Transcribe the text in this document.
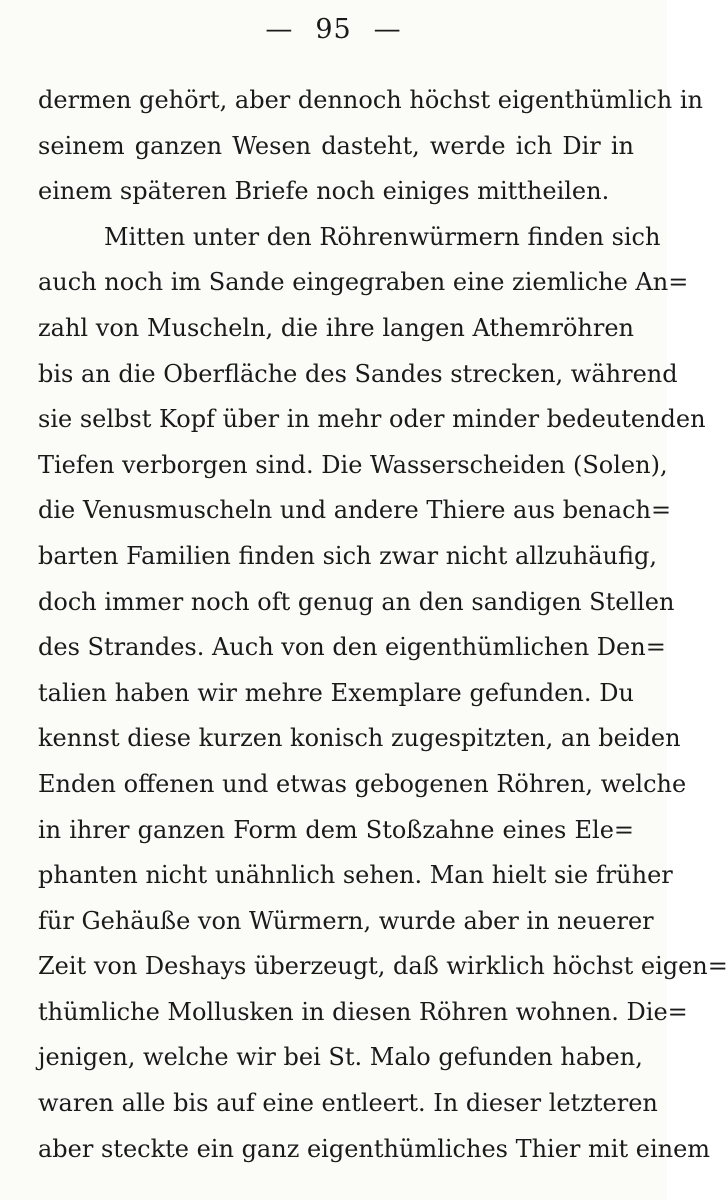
— 95 —
dermen gehört, aber dennoch höchst eigenthümlich in
seinem ganzen Wesen dasteht, werde ich Dir in
einem späteren Briefe noch einiges mittheilen.
Mitten unter den Röhrenwürmern finden sich
auch noch im Sande eingegraben eine ziemliche An=
zahl von Muscheln, die ihre langen Athemröhren
bis an die Oberfläche des Sandes strecken, während
sie selbst Kopf über in mehr oder minder bedeutenden
Tiefen verborgen sind. Die Wasserscheiden (Solen),
die Venusmuscheln und andere Thiere aus benach=
barten Familien finden sich zwar nicht allzuhäufig,
doch immer noch oft genug an den sandigen Stellen
des Strandes. Auch von den eigenthümlichen Den=
talien haben wir mehre Exemplare gefunden. Du
kennst diese kurzen konisch zugespitzten, an beiden
Enden offenen und etwas gebogenen Röhren, welche
in ihrer ganzen Form dem Stoßzahne eines Ele=
phanten nicht unähnlich sehen. Man hielt sie früher
für Gehäuße von Würmern, wurde aber in neuerer
Zeit von Deshays überzeugt, daß wirklich höchst eigen=
thümliche Mollusken in diesen Röhren wohnen. Die=
jenigen, welche wir bei St. Malo gefunden haben,
waren alle bis auf eine entleert. In dieser letzteren
aber steckte ein ganz eigenthümliches Thier mit einem
